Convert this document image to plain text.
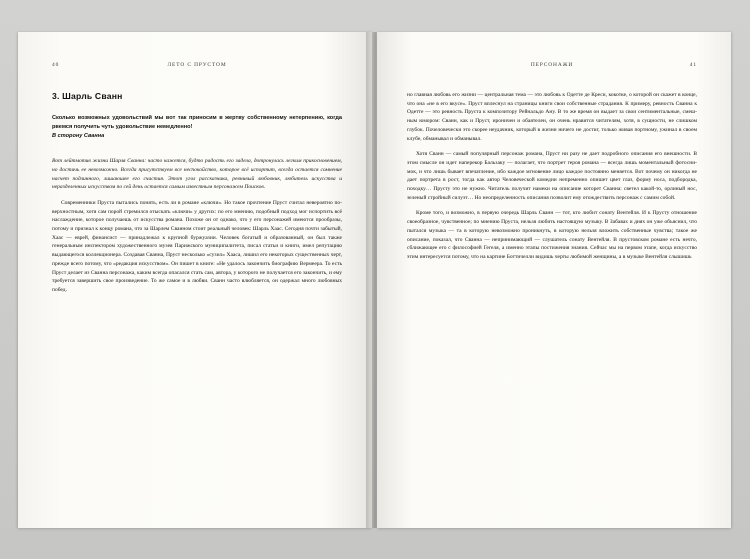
40	ЛЕТО С ПРУСТОМ
3. Шарль Сванн
Сколько возможных удовольствий мы вот так приносим в жертву собственному нетерпению, когда рвемся получить чуть удовольствие немедленно!
В сторону Сванна

Вот лейтмотив жизни Шарля Сванна: часто кажется, будто радость его задела, дотронулась легким прикосновением, но достичь ее невозможно. Всегда присутствуем все неспокойство, которое всё испортит, всегда остается сомнение насчет подлинного, лишаюшее его счастия. Этот угол рассказчика, ревнивый любовник, любитель искусства и неразделенных искусством по сей день остается самым известным персонажем Поисков.

Современники Пруста пытались понять, есть ли в романе «ключи». Но такое прочтение Пруст считал невероятно поверхностным, хотя сам порой стремился отыскать «ключи» у других: по его мнению, подобный подход мог испортить всё наслаждение, которое получаешь от искусства романа. Похоже он от однако, что у его персонажей имеются прообразы, потому и признал к концу романа, что за Шарлем Сванном стоит реальный человек: Шарль Хаас. Сегодня почти забытый, Хаас — еврей, финансист — принадлежал к крупной буржуазии. Человек богатый и образованный, он был также генеральным инспектором художественного музея Парижского муниципалитета, писал статьи и книги, имел репутацию выдающегося коллекционера. Создавая Сванна, Пруст несколько «сузил» Хааса, лишил его некоторых существенных черт, прежде всего потому, что «редакция искусством». Он пишет в книге: «Не удалось закончить биографию Вермеера. То есть Пруст делает из Сванна персонажа, каким всегда опасался стать сам, автора, у которого не получается его закончить, и ему требуется завершить свое произведение. То же самое и в любви. Сванн часто влюбляется, он одержал много любовных побед.

ПЕРСОНАЖИ	41

но главная любовь его жизни — центральная тема — это любовь к Одетте де Креси, кокотке, о которой он скажет в конце, что она «не в его вкусе». Пруст вплеснул на страницы книги свои собственные страдания. К примеру, ревность Сванна к Одетте — это ревность Пруста к композитору Рейнальдо Ану. В то же время он выдает за свои сентиментальные, смешным юмором: Сванн, как и Пруст, ироничен и обаятелен, он очень нравится читателям, хотя, в сущности, не слишком глубок. Почеловечески это скорее неудачник, который в жизни ничего не достиг, только живая портному, ужинал в своем клубе, обманывал и обманывал.

Хотя Сванн — самый популярный персонаж романа, Пруст ни разу не дает подробного описания его внешности. В этом смысле он идет наперекор Бальзаку — полагает, что портрет героя романа — всегда лишь моментальный фотоснимок, и что лишь бывает впечатление, ибо каждое мгновение лицо каждое постоянно меняется. Вот почему он никогда не дает портрета в рост, тогда как автор Человеческой комедии непременно опишет цвет глаз, форму носа, подбородка, походку… Прусту это не нужно. Читатель получит намеки на описание которет Сванна: светел какой-то, орлиный нос, зеленый стройный силуэт… Но неопределенность описания позволит ему отождествить персонаж с самим собой.

Кроме того, и возможно, в первую очередь Шарль Сванн — тот, кто любит сонату Вентейля. И к Прусту отношение своеобразное, чувственное; по мнению Пруста, нельзя любить настоящую музыку. В Забавах и днях он уже объяснил, что пытался музыка — та в которую невозможно проникнуть, в которую нельзя вложить собственные чувства; такое же описание, показал, что Сванна — непринимающий — слушатель сонату Вентейля. В прустовском романе есть нечто, сближающее его с философией Гегеля, а именно этапы постижения знания. Сейчас мы на первом этапе, когда искусство этим интересуется потому, что на картине Боттичелли видишь черты любимой женщины, а в музыке Вентейля слышишь
